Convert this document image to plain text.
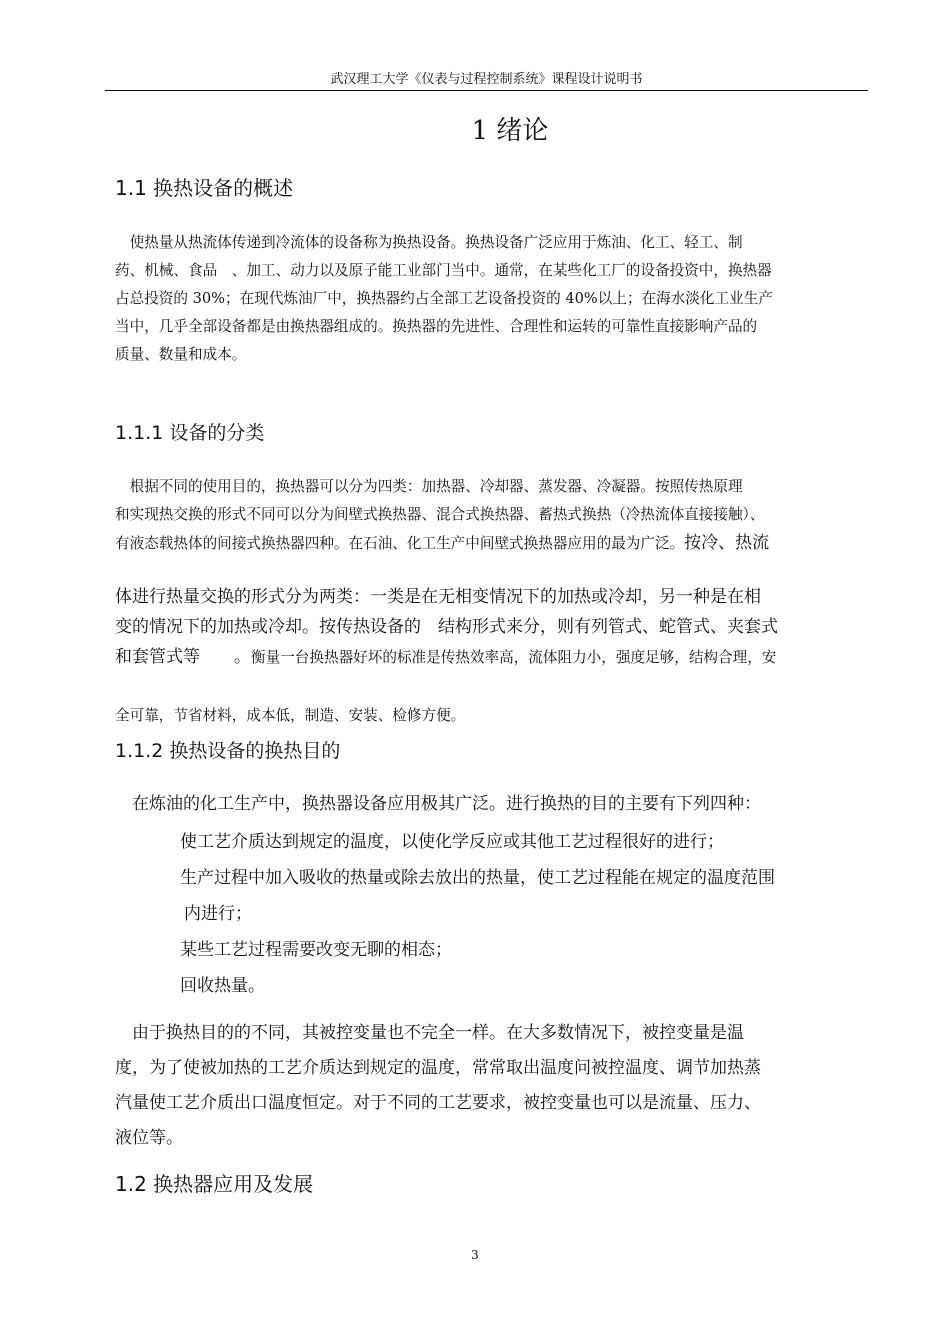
武汉理工大学《仪表与过程控制系统》课程设计说明书
1 绪论
1.1 换热设备的概述
　使热量从热流体传递到冷流体的设备称为换热设备。换热设备广泛应用于炼油、化工、轻工、制
药、机械、食品　、加工、动力以及原子能工业部门当中。通常，在某些化工厂的设备投资中，换热器
占总投资的 30%；在现代炼油厂中，换热器约占全部工艺设备投资的 40%以上；在海水淡化工业生产
当中，几乎全部设备都是由换热器组成的。换热器的先进性、合理性和运转的可靠性直接影响产品的
质量、数量和成本。
1.1.1 设备的分类
　根据不同的使用目的，换热器可以分为四类：加热器、冷却器、蒸发器、冷凝器。按照传热原理
和实现热交换的形式不同可以分为间壁式换热器、混合式换热器、蓄热式换热（冷热流体直接接触）、
有液态载热体的间接式换热器四种。在石油、化工生产中间壁式换热器应用的最为广泛。按冷、热流
体进行热量交换的形式分为两类：一类是在无相变情况下的加热或冷却，另一种是在相
变的情况下的加热或冷却。按传热设备的　结构形式来分，则有列管式、蛇管式、夹套式
和套管式等　　。衡量一台换热器好坏的标准是传热效率高，流体阻力小，强度足够，结构合理，安
全可靠，节省材料，成本低，制造、安装、检修方便。
1.1.2 换热设备的换热目的
　在炼油的化工生产中，换热器设备应用极其广泛。进行换热的目的主要有下列四种：
使工艺介质达到规定的温度，以使化学反应或其他工艺过程很好的进行；
生产过程中加入吸收的热量或除去放出的热量，使工艺过程能在规定的温度范围
内进行；
某些工艺过程需要改变无聊的相态；
回收热量。
　由于换热目的的不同，其被控变量也不完全一样。在大多数情况下，被控变量是温
度，为了使被加热的工艺介质达到规定的温度，常常取出温度问被控温度、调节加热蒸
汽量使工艺介质出口温度恒定。对于不同的工艺要求，被控变量也可以是流量、压力、
液位等。
1.2 换热器应用及发展
3
